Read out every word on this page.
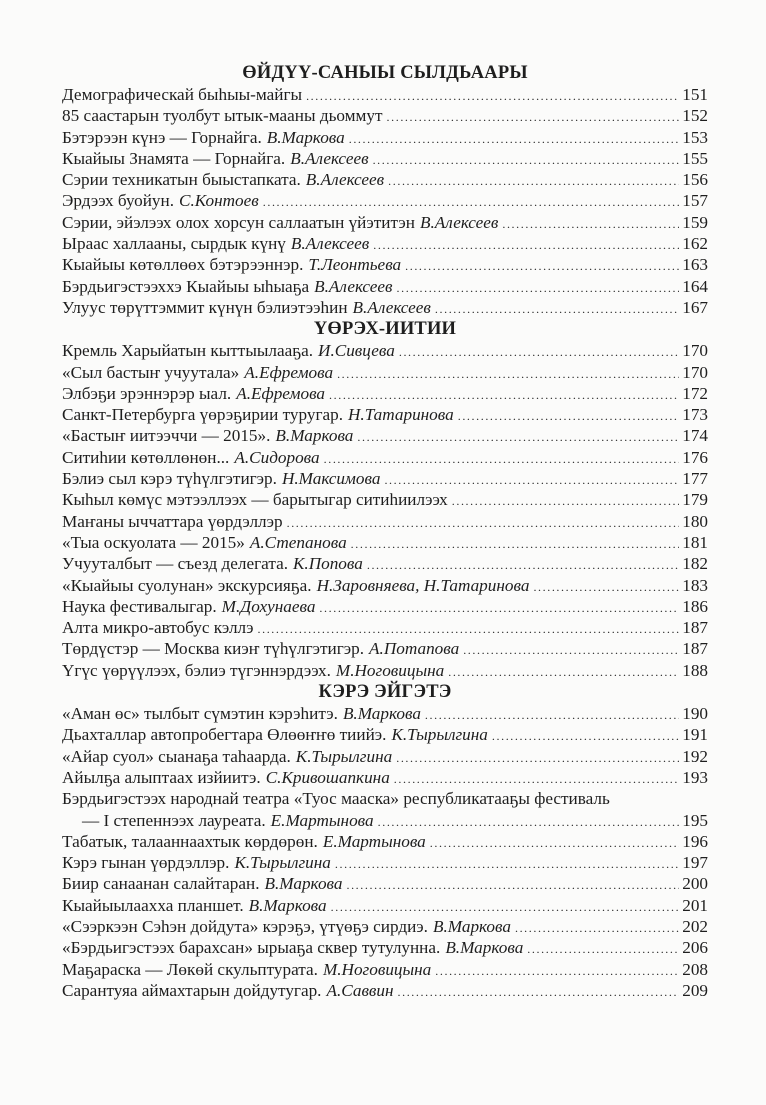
ӨЙДҮҮ-САНЫЫ СЫЛДЬААРЫ
Демографическай быһыы-майгы .....	151
85 саастарын туолбут ытык-мааны дьоммут .....	152
Бэтэрээн күнэ — Горнайга. В.Маркова .....	153
Кыайыы Знамята — Горнайга. В.Алексеев .....	155
Сэрии техникатын быыстапката. В.Алексеев .....	156
Эрдээх буойун. С.Контоев .....	157
Сэрии, эйэлээх олох хорсун саллаатын үйэтитэн В.Алексеев .....	159
Ыраас халлааны, сырдык күнү В.Алексеев .....	162
Кыайыы көтөллөөх бэтэрээннэр. Т.Леонтьева .....	163
Бэрдьигэстээххэ Кыайыы ыһыаҕа В.Алексеев .....	164
Улуус төрүттэммит күнүн бэлиэтээһин В.Алексеев .....	167
ҮӨРЭХ-ИИТИИ
Кремль Харыйатын кыттыылааҕа. И.Сивцева .....	170
«Сыл бастыҥ учуутала» А.Ефремова .....	170
Элбэҕи эрэннэрэр ыал. А.Ефремова .....	172
Санкт-Петербурга үөрэҕирии туругар. Н.Татаринова .....	173
«Бастыҥ иитээччи — 2015». В.Маркова .....	174
Ситиһии көтөллөнөн... А.Сидорова .....	176
Бэлиэ сыл кэрэ түһүлгэтигэр. Н.Максимова .....	177
Кыһыл көмүс мэтээллээх — барытыгар ситиһиилээх .....	179
Маҥаны ыччаттара үөрдэллэр .....	180
«Тыа оскуолата — 2015» А.Степанова .....	181
Учууталбыт — съезд делегата. К.Попова .....	182
«Кыайыы суолунан» экскурсияҕа. Н.Заровняева, Н.Татаринова .....	183
Наука фестивалыгар. М.Дохунаева .....	186
Алта микро-автобус кэллэ .....	187
Төрдүстэр — Москва киэҥ түһүлгэтигэр. А.Потапова .....	187
Үгүс үөрүүлээх, бэлиэ түгэннэрдээх. М.Ноговицына .....	188
КЭРЭ ЭЙГЭТЭ
«Аман өс» тылбыт сүмэтин кэрэһитэ. В.Маркова .....	190
Дьахталлар автопробегтара Өлөөҥҥө тиийэ. К.Тырылгина .....	191
«Айар суол» сыанаҕа таһаарда. К.Тырылгина .....	192
Айылҕа алыптаах изйиитэ. С.Кривошапкина .....	193
Бэрдьигэстээх народнай театра «Туос мааска» республикатааҕы фестиваль
— I степеннээх лауреата. Е.Мартынова .....	195
Табатык, талааннаахтык көрдөрөн. Е.Мартынова .....	196
Кэрэ гынан үөрдэллэр. К.Тырылгина .....	197
Биир санаанан салайтаран. В.Маркова .....	200
Кыайыылаахха планшет. В.Маркова .....	201
«Сээркээн Сэһэн дойдута» кэрэҕэ, үтүөҕэ сирдиэ. В.Маркова .....	202
«Бэрдьигэстээх барахсан» ырыаҕа сквер тутулунна. В.Маркова .....	206
Маҕараска — Лөкөй скульптурата. М.Ноговицына .....	208
Сарантуяа аймахтарын дойдутугар. А.Саввин .....	209
